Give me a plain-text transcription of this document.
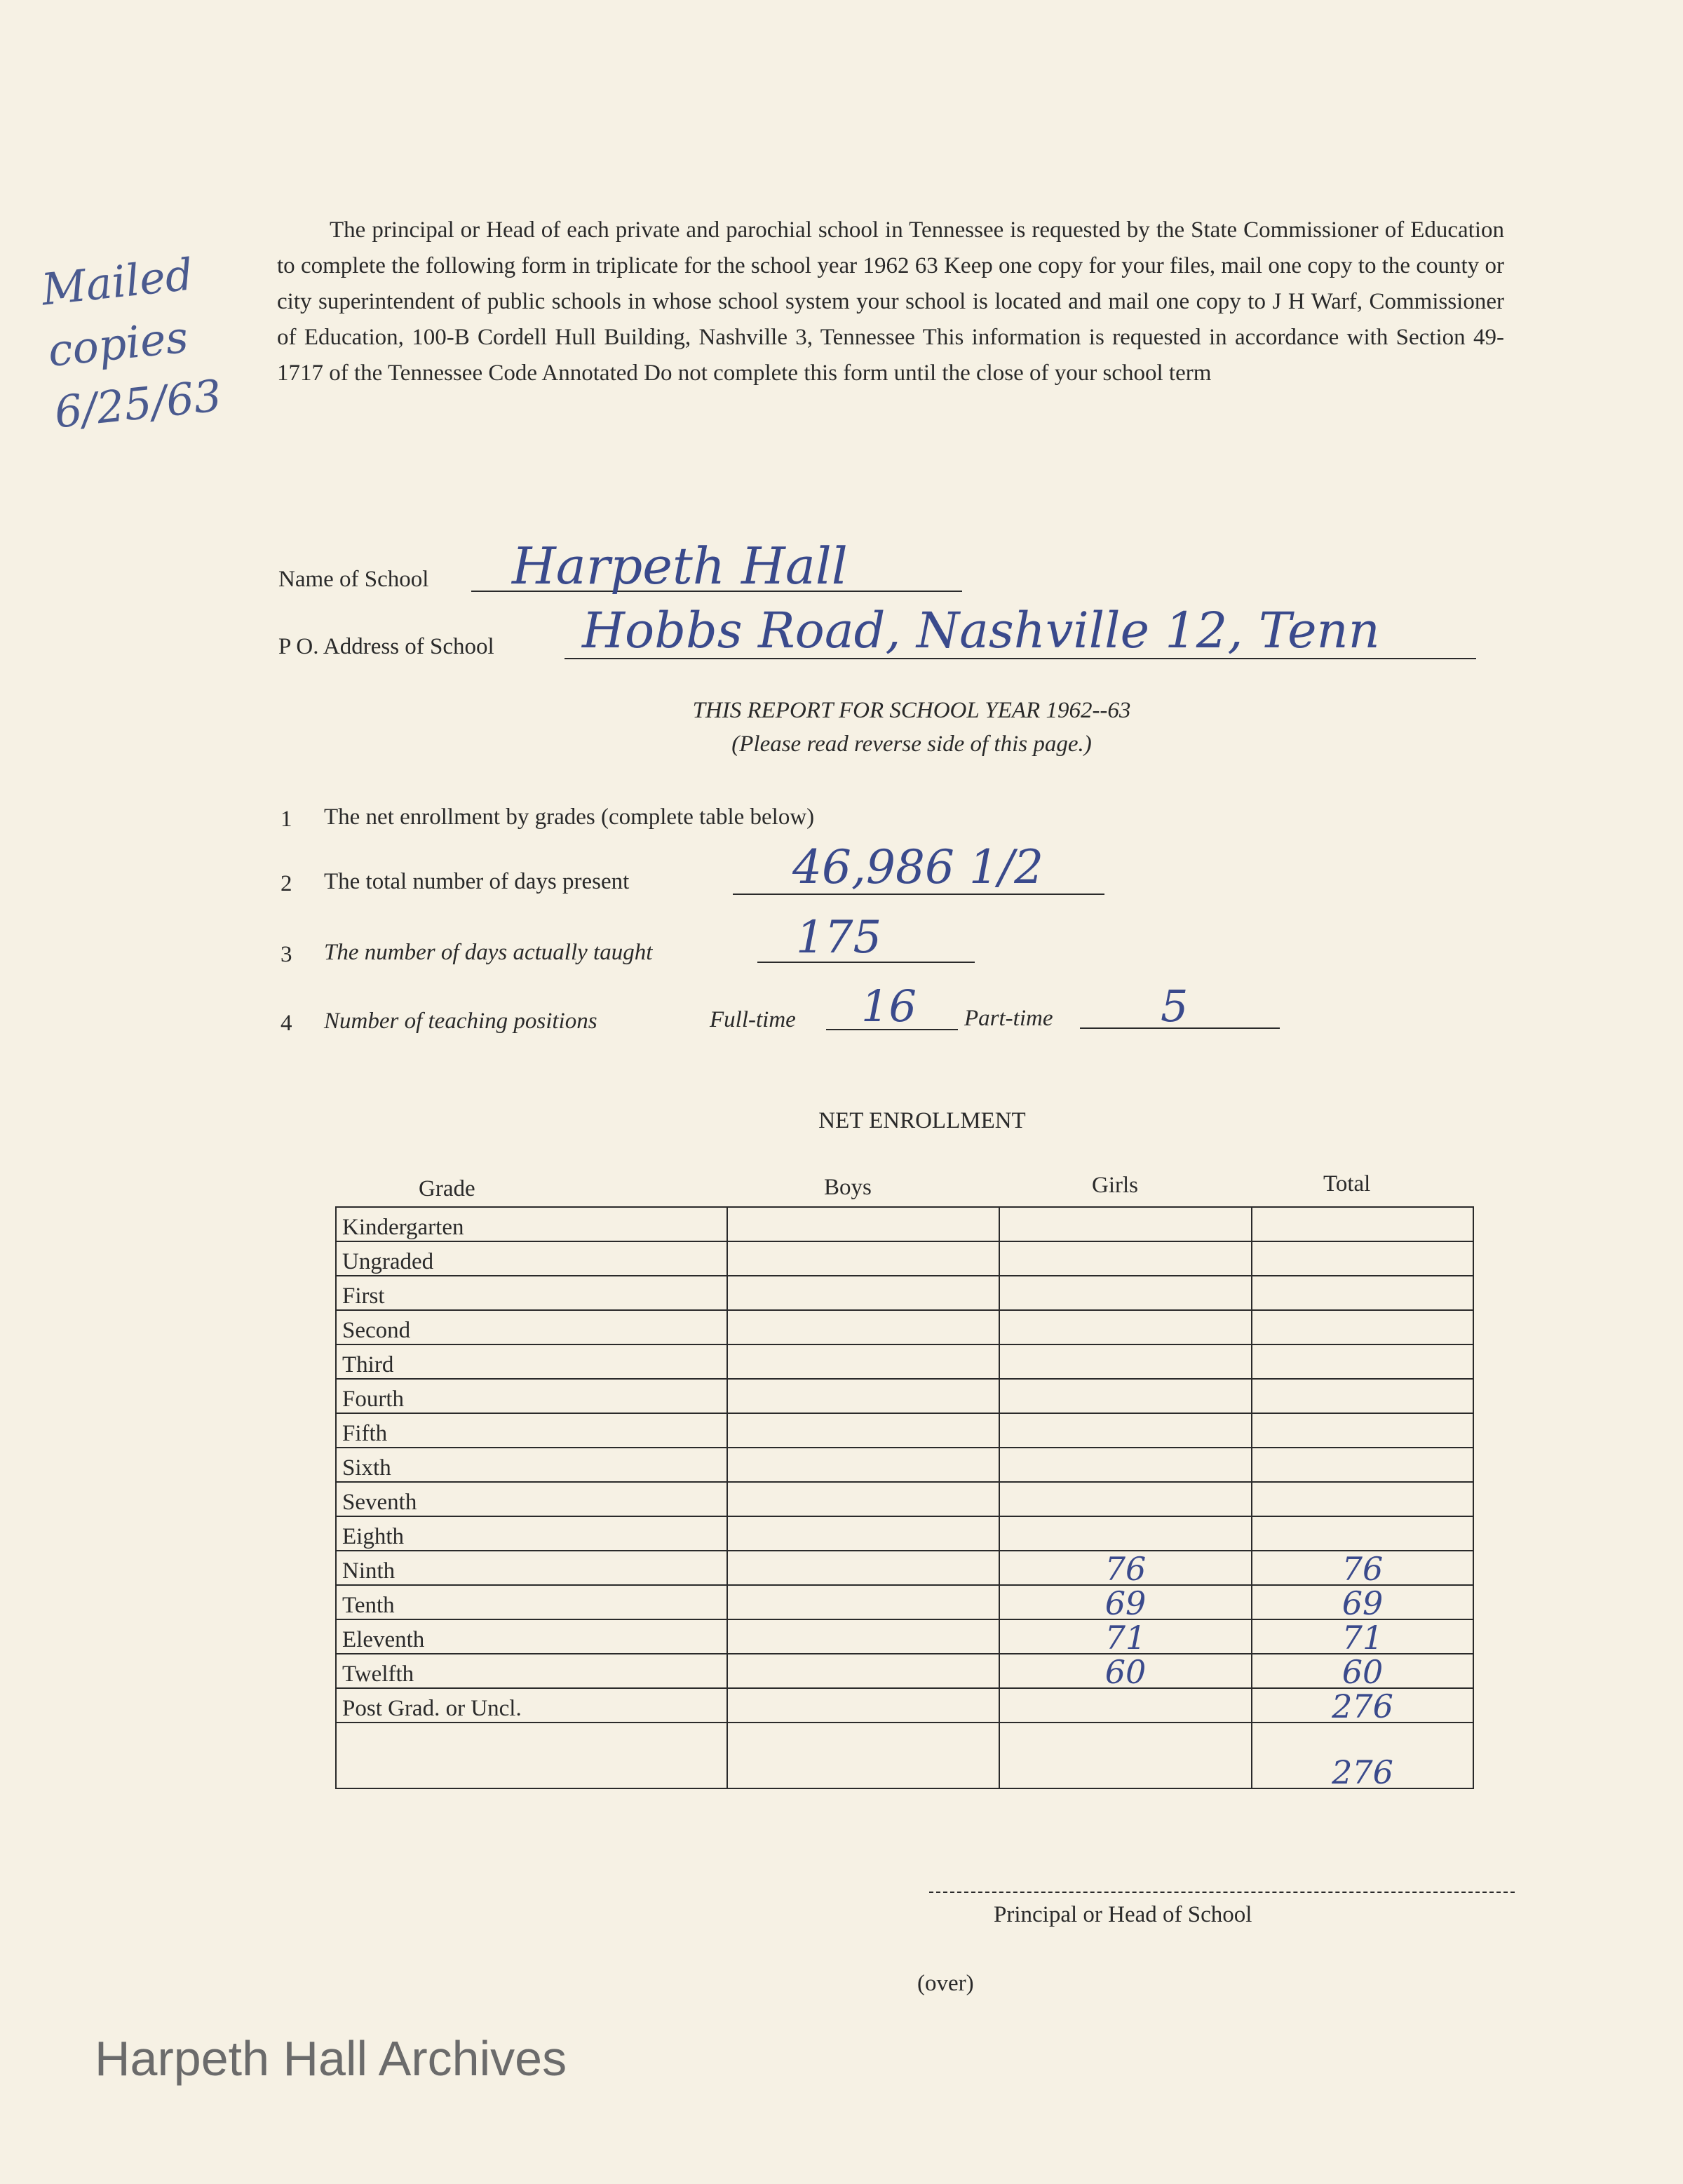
Mailed copies 6/25/63

The principal or Head of each private and parochial school in Tennessee is requested by the State Commissioner of Education to complete the following form in triplicate for the school year 1962 63 Keep one copy for your files, mail one copy to the county or city superintendent of public schools in whose school system your school is located and mail one copy to J H Warf, Commissioner of Education, 100-B Cordell Hull Building, Nashville 3, Tennessee This information is requested in accordance with Section 49-1717 of the Tennessee Code Annotated Do not complete this form until the close of your school term

Name of School Harpeth Hall
P O. Address of School Hobbs Road, Nashville 12, Tenn
THIS REPORT FOR SCHOOL YEAR 1962--63
(Please read reverse side of this page.)
1 The net enrollment by grades (complete table below)
2 The total number of days present	46,986 1/2
3 The number of days actually taught	175
4 Number of teaching positions	Full-time 16 Part-time 5
NET ENROLLMENT
Grade	Boys	Girls	Total
Kindergarten			
Ungraded			
First			
Second			
Third			
Fourth			
Fifth			
Sixth			
Seventh			
Eighth			
Ninth		76	76
Tenth		69	69
Eleventh		71	71
Twelfth		60	60
Post Grad. or Uncl.			276
			276
Principal or Head of School
(over)
Harpeth Hall Archives
